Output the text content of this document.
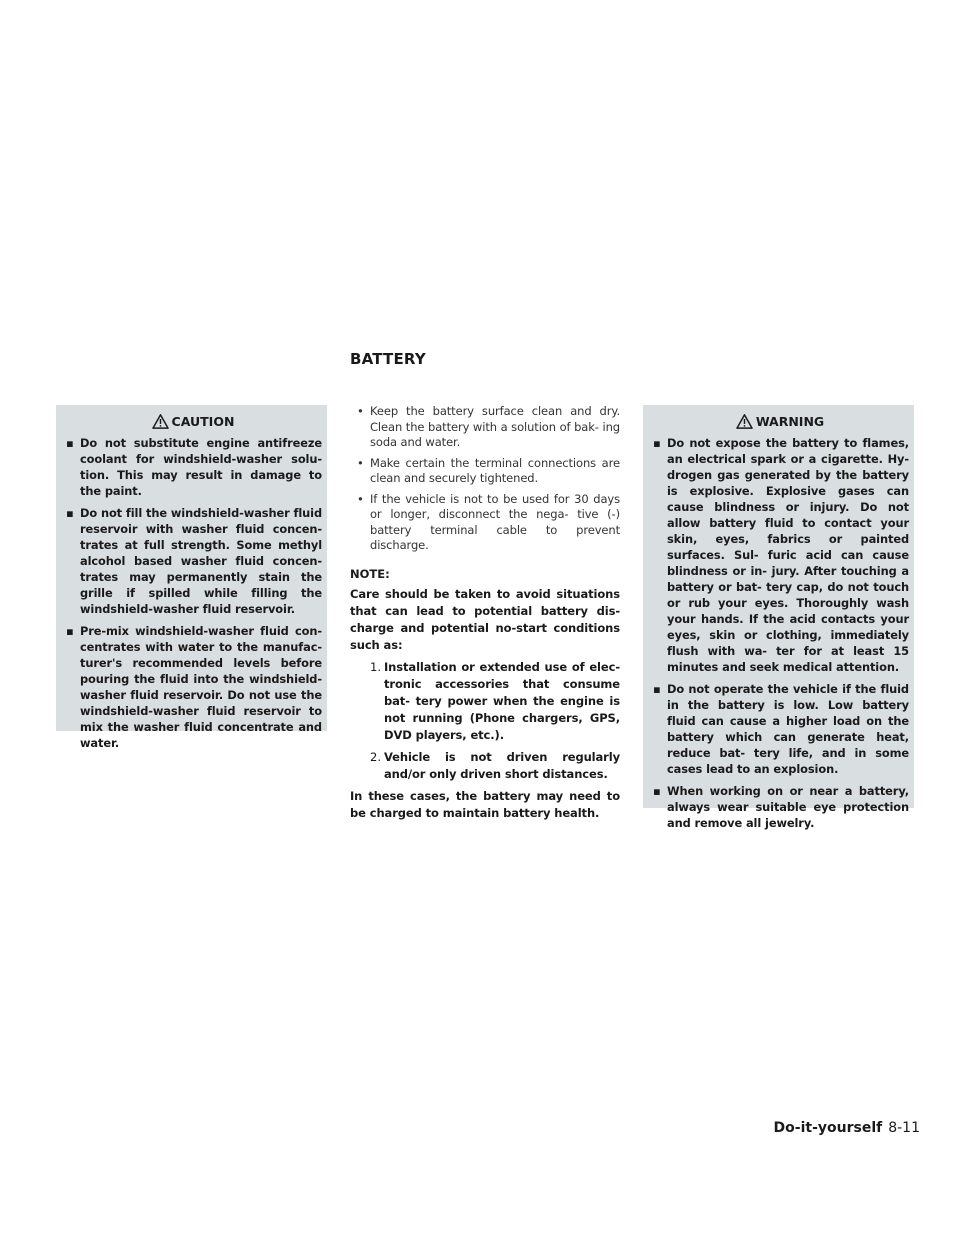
BATTERY
CAUTION
▪ Do not substitute engine antifreeze coolant for windshield-washer solu- tion. This may result in damage to the paint.
▪ Do not fill the windshield-washer fluid reservoir with washer fluid concen- trates at full strength. Some methyl alcohol based washer fluid concen- trates may permanently stain the grille if spilled while filling the windshield-washer fluid reservoir.
▪ Pre-mix windshield-washer fluid con- centrates with water to the manufac- turer's recommended levels before pouring the fluid into the windshield- washer fluid reservoir. Do not use the windshield-washer fluid reservoir to mix the washer fluid concentrate and water.
• Keep the battery surface clean and dry. Clean the battery with a solution of bak- ing soda and water.
• Make certain the terminal connections are clean and securely tightened.
• If the vehicle is not to be used for 30 days or longer, disconnect the nega- tive (-) battery terminal cable to prevent discharge.
NOTE:

Care should be taken to avoid situations that can lead to potential battery dis- charge and potential no-start conditions such as:

1. Installation or extended use of elec- tronic accessories that consume bat- tery power when the engine is not running (Phone chargers, GPS, DVD players, etc.).
2. Vehicle is not driven regularly and/or only driven short distances.

In these cases, the battery may need to be charged to maintain battery health.

WARNING
▪ Do not expose the battery to flames, an electrical spark or a cigarette. Hy- drogen gas generated by the battery is explosive. Explosive gases can cause blindness or injury. Do not allow battery fluid to contact your skin, eyes, fabrics or painted surfaces. Sul- furic acid can cause blindness or in- jury. After touching a battery or bat- tery cap, do not touch or rub your eyes. Thoroughly wash your hands. If the acid contacts your eyes, skin or clothing, immediately flush with wa- ter for at least 15 minutes and seek medical attention.
▪ Do not operate the vehicle if the fluid in the battery is low. Low battery fluid can cause a higher load on the battery which can generate heat, reduce bat- tery life, and in some cases lead to an explosion.
▪ When working on or near a battery, always wear suitable eye protection and remove all jewelry.
Do-it-yourself 8-11
